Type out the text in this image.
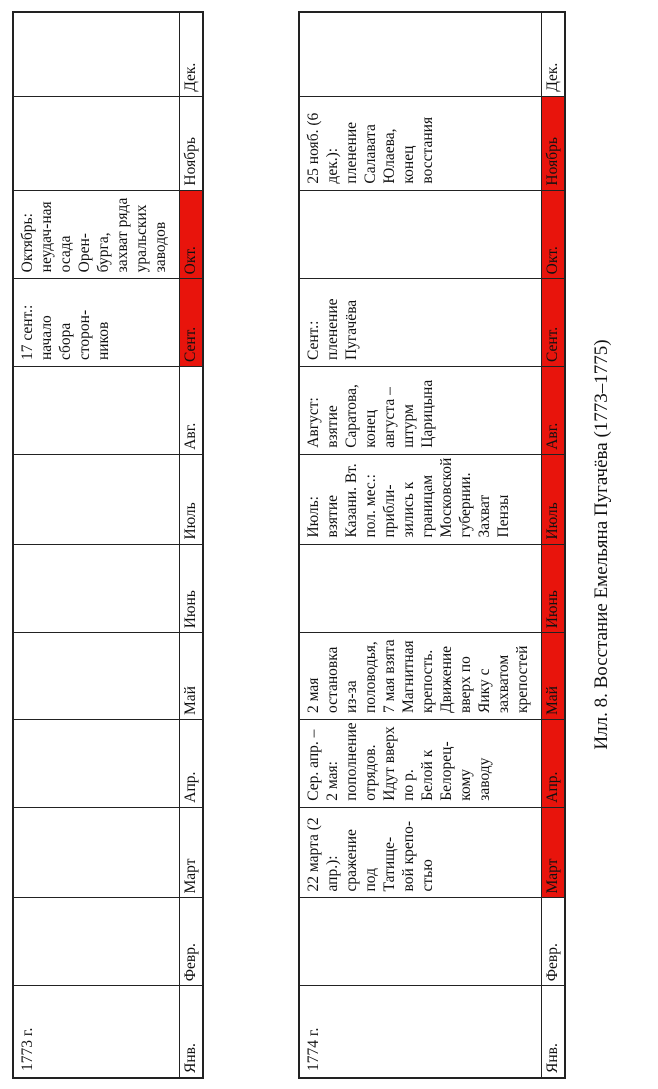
1773 г.								17 сент.: начало сбора сторон-ников	Октябрь: неудач-ная осада Орен-бурга, захват ряда уральских заводов		
Янв.	Февр.	Март	Апр.	Май	Июнь	Июль	Авг.	Сент.	Окт.	Ноябрь	Дек.
1774 г.		22 марта (2 апр.): сражение под Татище-вой крепо-стью	Сер. апр. – 2 мая: пополнение отрядов. Идут вверх по р. Белой к Белорец-кому заводу	2 мая остановка из-за половодья, 7 мая взята Магнитная крепость. Движение вверх по Яику с захватом крепостей		Июль: взятие Казани. Вт. пол. мес.: прибли-зились к границам Московской губернии. Захват Пензы	Август: взятие Саратова, конец августа – штурм Царицына	Сент.: пленение Пугачёва		25 нояб. (6 дек.): пленение Салавата Юлаева, конец восстания	
Янв.	Февр.	Март	Апр.	Май	Июнь	Июль	Авг.	Сент.	Окт.	Ноябрь	Дек.
Илл. 8. Восстание Емельяна Пугачёва (1773–1775)
